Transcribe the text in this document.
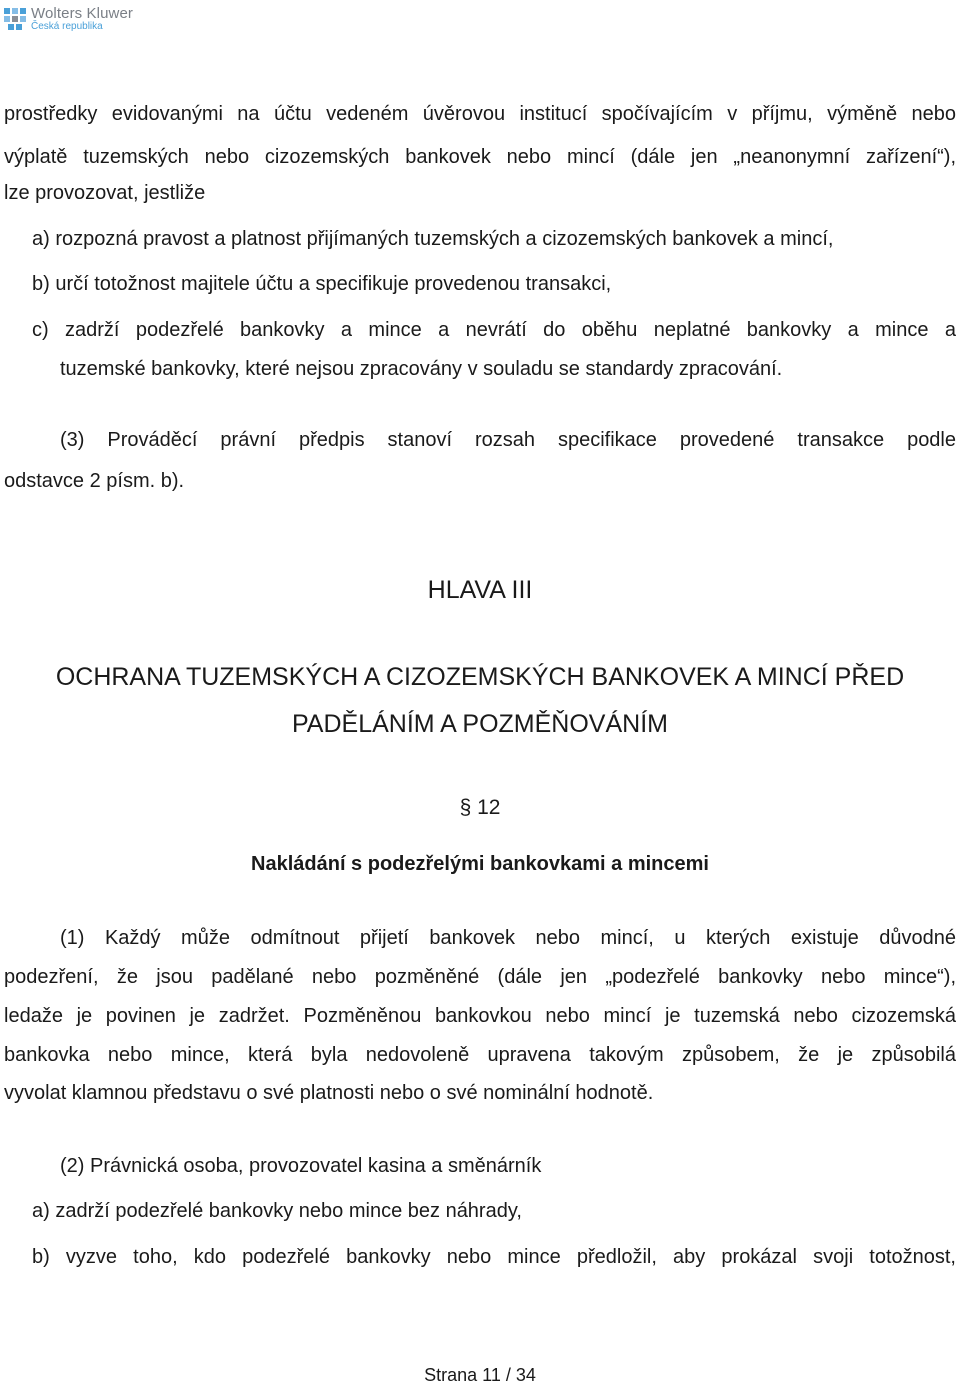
Wolters Kluwer
Česká republika
prostředky evidovanými na účtu vedeném úvěrovou institucí spočívajícím v příjmu, výměně nebo
výplatě tuzemských nebo cizozemských bankovek nebo mincí (dále jen „neanonymní zařízení“),
lze provozovat, jestliže
a) rozpozná pravost a platnost přijímaných tuzemských a cizozemských bankovek a mincí,
b) určí totožnost majitele účtu a specifikuje provedenou transakci,
c) zadrží podezřelé bankovky a mince a nevrátí do oběhu neplatné bankovky a mince a
tuzemské bankovky, které nejsou zpracovány v souladu se standardy zpracování.
(3) Prováděcí právní předpis stanoví rozsah specifikace provedené transakce podle
odstavce 2 písm. b).
HLAVA III
OCHRANA TUZEMSKÝCH A CIZOZEMSKÝCH BANKOVEK A MINCÍ PŘED
PADĚLÁNÍM A POZMĚŇOVÁNÍM
§ 12
Nakládání s podezřelými bankovkami a mincemi
(1) Každý může odmítnout přijetí bankovek nebo mincí, u kterých existuje důvodné
podezření, že jsou padělané nebo pozměněné (dále jen „podezřelé bankovky nebo mince“),
ledaže je povinen je zadržet. Pozměněnou bankovkou nebo mincí je tuzemská nebo cizozemská
bankovka nebo mince, která byla nedovoleně upravena takovým způsobem, že je způsobilá
vyvolat klamnou představu o své platnosti nebo o své nominální hodnotě.
(2) Právnická osoba, provozovatel kasina a směnárník
a) zadrží podezřelé bankovky nebo mince bez náhrady,
b) vyzve toho, kdo podezřelé bankovky nebo mince předložil, aby prokázal svoji totožnost,
Strana 11 / 34
